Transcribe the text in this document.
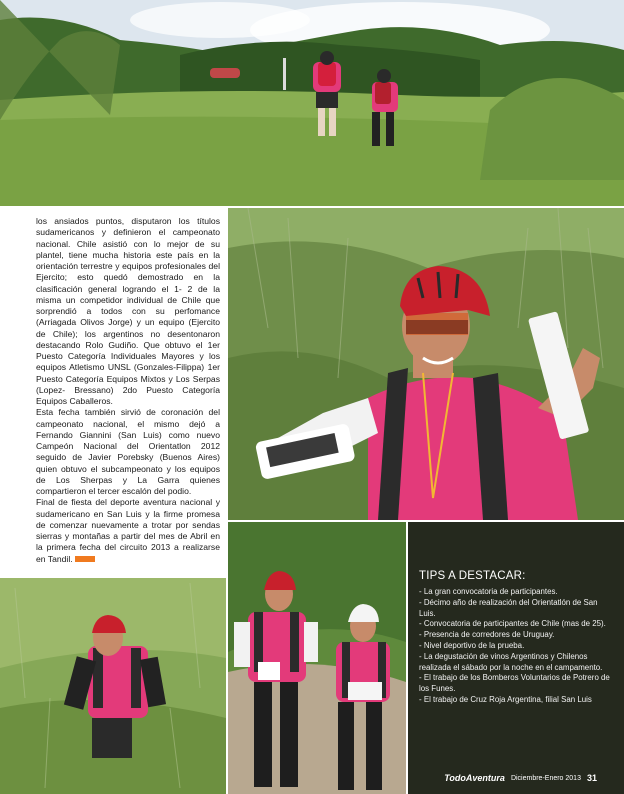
los ansiados puntos, disputaron los títulos sudamericanos y definieron el campeonato nacional. Chile asistió con lo mejor de su plantel, tiene mucha historia este país en la orientación terrestre y equipos profesionales del Ejercito; esto quedó demostrado en la clasificación general logrando el 1- 2 de la misma un competidor individual de Chile que sorprendió a todos con su perfomance (Arriagada Olivos Jorge) y un equipo (Ejercito de Chile); los argentinos no desentonaron destacando Rolo Gudiño. Que obtuvo el 1er Puesto Categoría Individuales Mayores y los equipos Atletismo UNSL (Gonzales-Filippa) 1er Puesto Categoría Equipos Mixtos y Los Serpas (Lopez- Bressano) 2do Puesto Categoría Equipos Caballeros.

Esta fecha también sirvió de coronación del campeonato nacional, el mismo dejó a Fernando Giannini (San Luis) como nuevo Campeón Nacional del Orientatlon 2012 seguido de Javier Porebsky (Buenos Aires) quien obtuvo el subcampeonato y los equipos de Los Sherpas y La Garra quienes compartieron el tercer escalón del podio.

Final de fiesta del deporte aventura nacional y sudamericano en San Luis y la firme promesa de comenzar nuevamente a trotar por sendas sierras y montañas a partir del mes de Abril en la primera fecha del circuito 2013 a realizarse en Tandil.

TIPS A DESTACAR:
- La gran convocatoria de participantes.
- Décimo año de realización del Orientatlón de San Luis.
- Convocatoria de participantes de Chile (mas de 25).
- Presencia de corredores de Uruguay.
- Nivel deportivo de la prueba.
- La degustación de vinos Argentinos y Chilenos realizada el sábado por la noche en el campamento.
- El trabajo de los Bomberos Voluntarios de Potrero de los Funes.
- El trabajo de Cruz Roja Argentina, filial San Luis
TodoAventura Diciembre-Enero 2013 31
